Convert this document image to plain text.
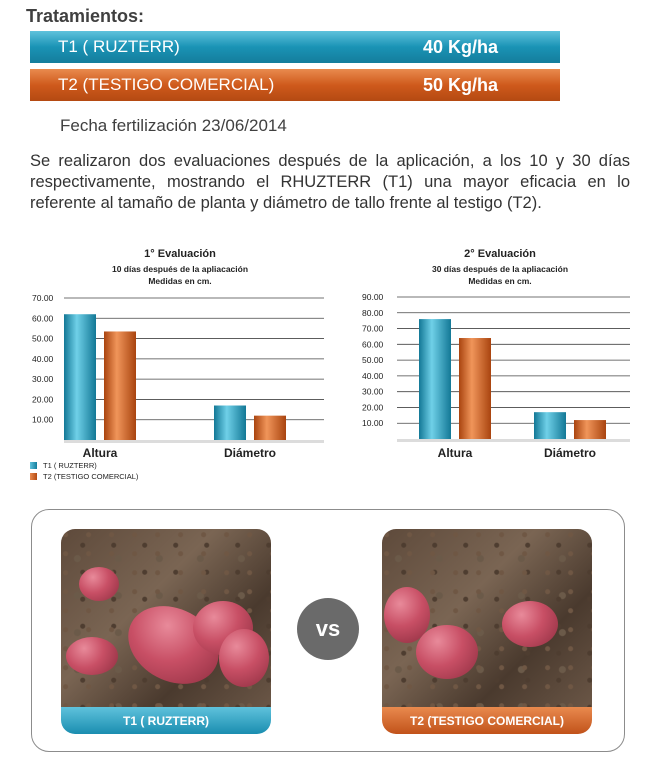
Tratamientos:
T1 ( RUZTERR)	40 Kg/ha
T2 (TESTIGO COMERCIAL)	50 Kg/ha
Fecha fertilización 23/06/2014
Se realizaron dos evaluaciones después de la aplicación, a los 10 y 30 días respectivamente, mostrando el RHUZTERR (T1) una mayor eficacia en lo referente al tamaño de planta y diámetro de tallo frente al testigo (T2).
1° Evaluación
10 días después de la apliacación
Medidas en cm.
10.00
20.00
30.00
40.00
50.00
60.00
70.00
Altura	Diámetro
T1 ( RUZTERR)
T2 (TESTIGO COMERCIAL)
2° Evaluación
30 días después de la apliacación
Medidas en cm.
10.00
20.00
30.00
40.00
50.00
60.00
70.00
80.00
90.00
Altura	Diámetro
T1 ( RUZTERR)
vs
T2 (TESTIGO COMERCIAL)
